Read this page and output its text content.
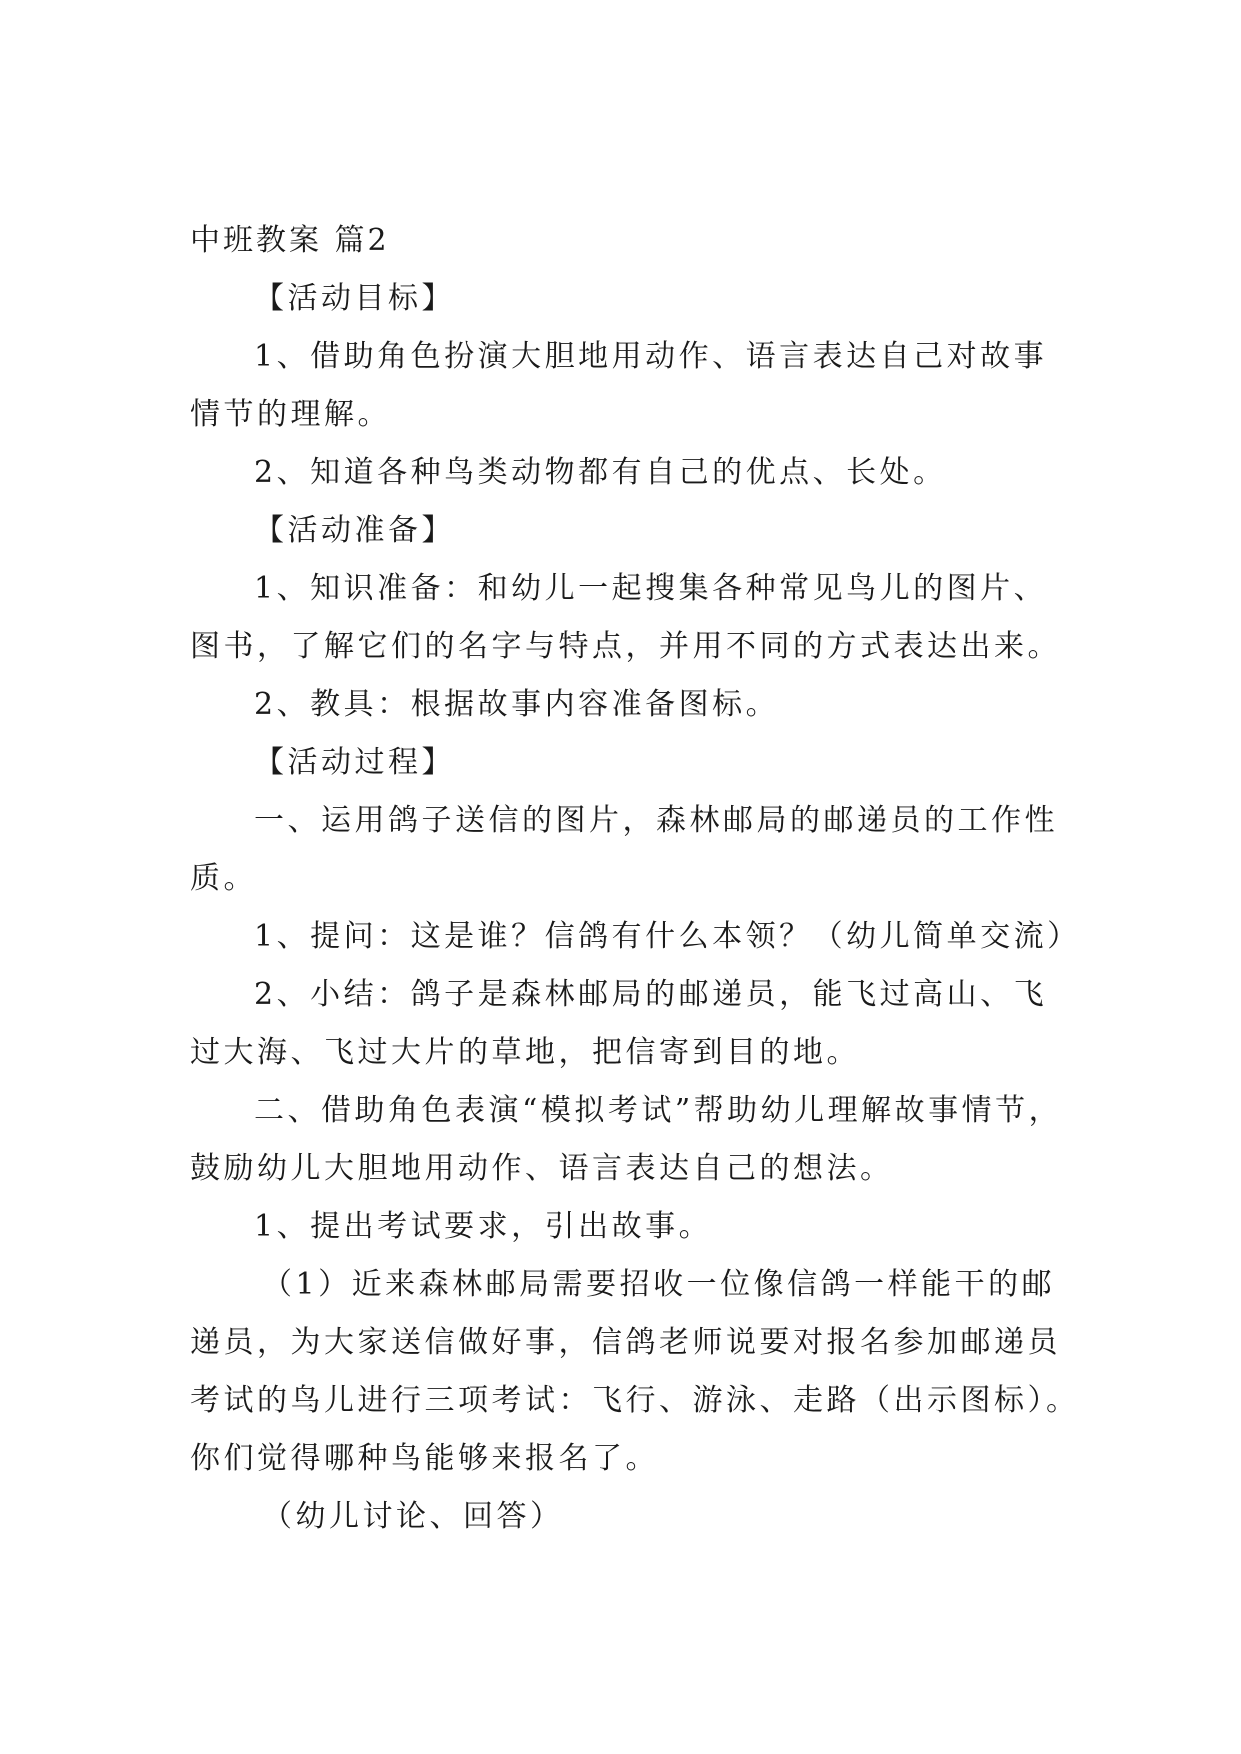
中班教案 篇2
【活动目标】
1、借助角色扮演大胆地用动作、语言表达自己对故事
情节的理解。
2、知道各种鸟类动物都有自己的优点、长处。
【活动准备】
1、知识准备：和幼儿一起搜集各种常见鸟儿的图片、
图书，了解它们的名字与特点，并用不同的方式表达出来。
2、教具：根据故事内容准备图标。
【活动过程】
一、运用鸽子送信的图片，森林邮局的邮递员的工作性
质。
1、提问：这是谁？信鸽有什么本领？（幼儿简单交流）
2、小结：鸽子是森林邮局的邮递员，能飞过高山、飞
过大海、飞过大片的草地，把信寄到目的地。
二、借助角色表演“模拟考试”帮助幼儿理解故事情节，
鼓励幼儿大胆地用动作、语言表达自己的想法。
1、提出考试要求，引出故事。
（1）近来森林邮局需要招收一位像信鸽一样能干的邮
递员，为大家送信做好事，信鸽老师说要对报名参加邮递员
考试的鸟儿进行三项考试：飞行、游泳、走路（出示图标）。
你们觉得哪种鸟能够来报名了。
（幼儿讨论、回答）
